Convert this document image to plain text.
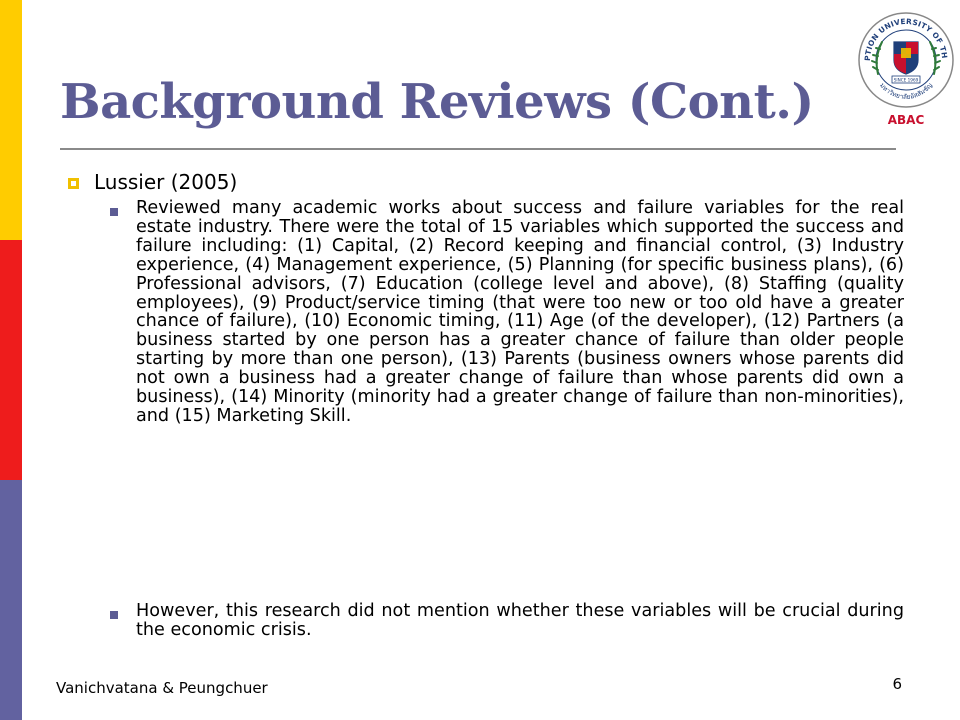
Background Reviews (Cont.)
PTION UNIVERSITY OF TH
มหาวิทยาลัยอัสสัมชัญ
SINCE 1969
ABAC
Lussier (2005)
Reviewed many academic works about success and failure variables for the real estate industry. There were the total of 15 variables which supported the success and failure including: (1) Capital, (2) Record keeping and financial control, (3) Industry experience, (4) Management experience, (5) Planning (for specific business plans), (6) Professional advisors, (7) Education (college level and above), (8) Staffing (quality employees), (9) Product/service timing (that were too new or too old have a greater chance of failure), (10) Economic timing, (11) Age (of the developer), (12) Partners (a business started by one person has a greater chance of failure than older people starting by more than one person), (13) Parents (business owners whose parents did not own a business had a greater change of failure than whose parents did own a business), (14) Minority (minority had a greater change of failure than non-minorities), and (15) Marketing Skill.
However, this research did not mention whether these variables will be crucial during the economic crisis.
Vanichvatana & Peungchuer	6
